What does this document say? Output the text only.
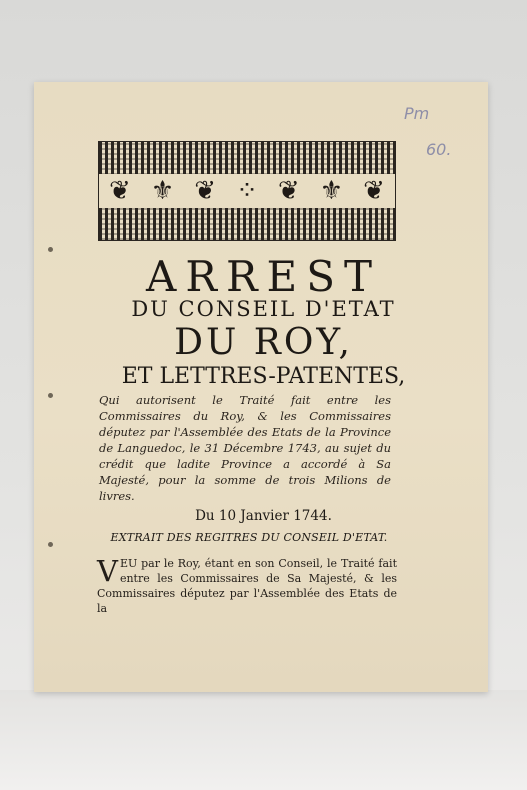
Pm
60.
❦ ⚜ ❦ ⁘ ❦ ⚜ ❦
ARREST
DU CONSEIL D'ETAT
DU ROY,
ET LETTRES-PATENTES,
Qui autorisent le Traité fait entre les Commissaires du Roy, & les Commissaires députez par l'Assemblée des Etats de la Province de Languedoc, le 31 Décembre 1743, au sujet du crédit que ladite Province a accordé à Sa Majesté, pour la somme de trois Milions de livres.
Du 10 Janvier 1744.
EXTRAIT DES REGITRES DU CONSEIL D'ETAT.
VEU par le Roy, étant en son Conseil, le Traité fait entre les Commissaires de Sa Majesté, & les Commissaires députez par l'Assemblée des Etats de la
